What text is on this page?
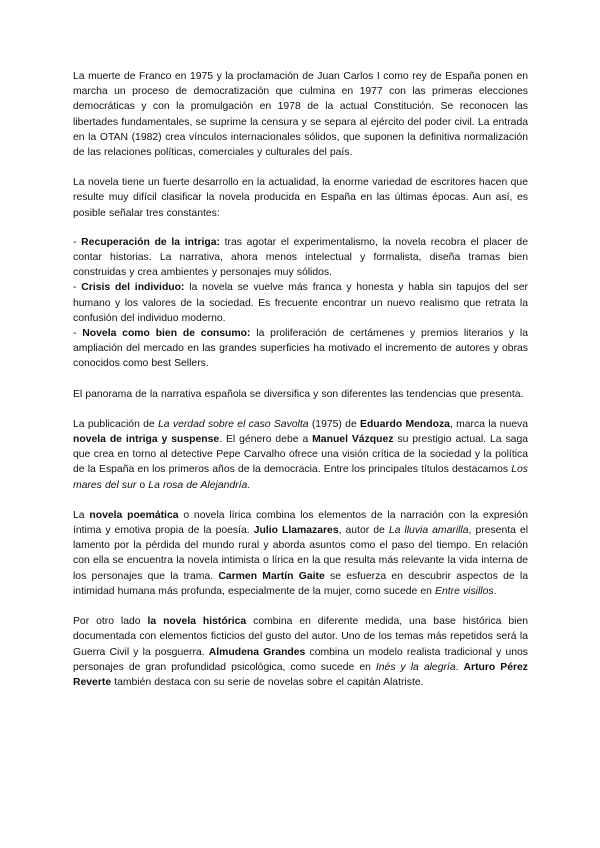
La muerte de Franco en 1975 y la proclamación de Juan Carlos I como rey de España ponen en marcha un proceso de democratización que culmina en 1977 con las primeras elecciones democráticas y con la promulgación en 1978 de la actual Constitución. Se reconocen las libertades fundamentales, se suprime la censura y se separa al ejército del poder civil. La entrada en la OTAN (1982) crea vínculos internacionales sólidos, que suponen la definitiva normalización de las relaciones políticas, comerciales y culturales del país.

La novela tiene un fuerte desarrollo en la actualidad, la enorme variedad de escritores hacen que resulte muy difícil clasificar la novela producida en España en las últimas épocas. Aun así, es posible señalar tres constantes:

- Recuperación de la intriga: tras agotar el experimentalismo, la novela recobra el placer de contar historias. La narrativa, ahora menos intelectual y formalista, diseña tramas bien construidas y crea ambientes y personajes muy sólidos.

- Crisis del individuo: la novela se vuelve más franca y honesta y habla sin tapujos del ser humano y los valores de la sociedad. Es frecuente encontrar un nuevo realismo que retrata la confusión del individuo moderno.

- Novela como bien de consumo: la proliferación de certámenes y premios literarios y la ampliación del mercado en las grandes superficies ha motivado el incremento de autores y obras conocidos como best Sellers.

El panorama de la narrativa española se diversifica y son diferentes las tendencias que presenta.

La publicación de La verdad sobre el caso Savolta (1975) de Eduardo Mendoza, marca la nueva novela de intriga y suspense. El género debe a Manuel Vázquez su prestigio actual. La saga que crea en torno al detective Pepe Carvalho ofrece una visión crítica de la sociedad y la política de la España en los primeros años de la democracia. Entre los principales títulos destacamos Los mares del sur o La rosa de Alejandría.

La novela poemática o novela lírica combina los elementos de la narración con la expresión íntima y emotiva propia de la poesía. Julio Llamazares, autor de La lluvia amarilla, presenta el lamento por la pérdida del mundo rural y aborda asuntos como el paso del tiempo. En relación con ella se encuentra la novela intimista o lírica en la que resulta más relevante la vida interna de los personajes que la trama. Carmen Martín Gaite se esfuerza en descubrir aspectos de la intimidad humana más profunda, especialmente de la mujer, como sucede en Entre visillos.

Por otro lado la novela histórica combina en diferente medida, una base histórica bien documentada con elementos ficticios del gusto del autor. Uno de los temas más repetidos será la Guerra Civil y la posguerra. Almudena Grandes combina un modelo realista tradicional y unos personajes de gran profundidad psicológica, como sucede en Inés y la alegría. Arturo Pérez Reverte también destaca con su serie de novelas sobre el capitán Alatriste.
